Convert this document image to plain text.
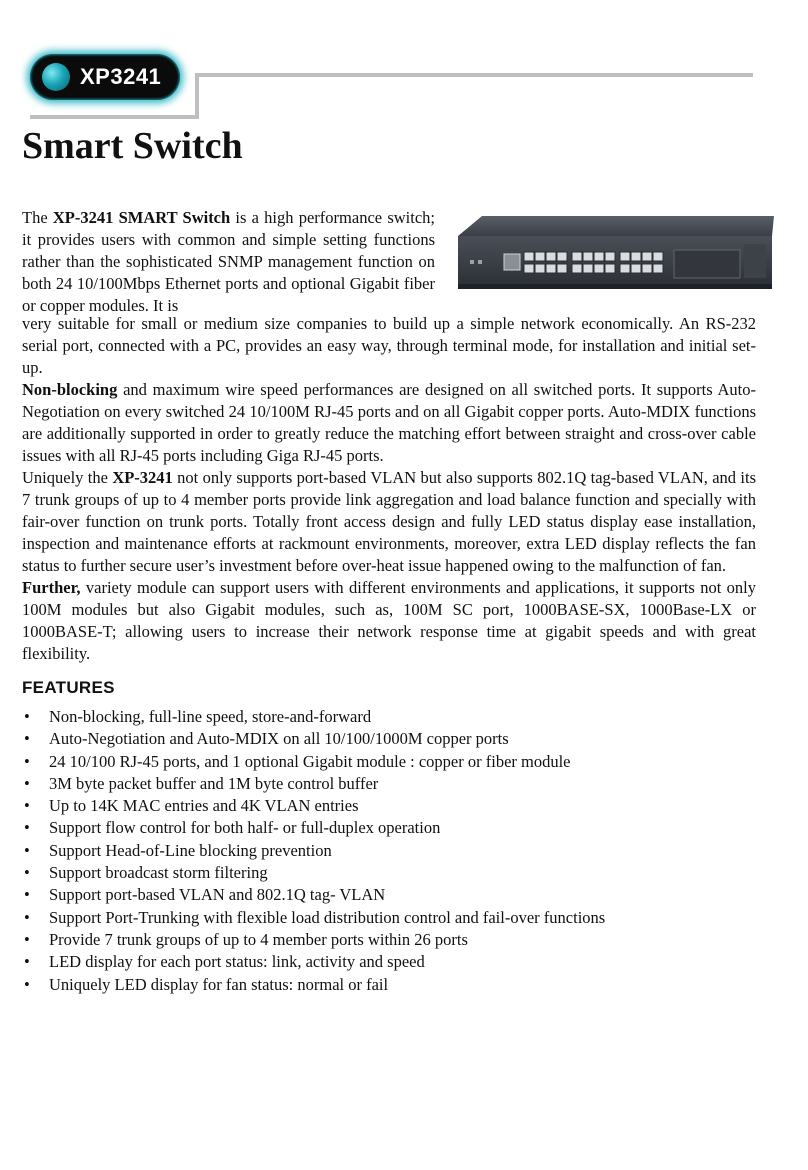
XP3241
Smart Switch

The XP-3241 SMART Switch is a high performance switch; it provides users with common and simple setting functions rather than the sophisticated SNMP management function on both 24 10/100Mbps Ethernet ports and optional Gigabit fiber or copper modules. It is

very suitable for small or medium size companies to build up a simple network economically. An RS-232 serial port, connected with a PC, provides an easy way, through terminal mode, for installation and initial set-up.

Non-blocking and maximum wire speed performances are designed on all switched ports. It supports Auto-Negotiation on every switched 24 10/100M RJ-45 ports and on all Gigabit copper ports. Auto-MDIX functions are additionally supported in order to greatly reduce the matching effort between straight and cross-over cable issues with all RJ-45 ports including Giga RJ-45 ports.

Uniquely the XP-3241 not only supports port-based VLAN but also supports 802.1Q tag-based VLAN, and its 7 trunk groups of up to 4 member ports provide link aggregation and load balance function and specially with fair-over function on trunk ports. Totally front access design and fully LED status display ease installation, inspection and maintenance efforts at rackmount environments, moreover, extra LED display reflects the fan status to further secure user’s investment before over-heat issue happened owing to the malfunction of fan.

Further, variety module can support users with different environments and applications, it supports not only 100M modules but also Gigabit modules, such as, 100M SC port, 1000BASE-SX, 1000Base-LX or 1000BASE-T; allowing users to increase their network response time at gigabit speeds and with great flexibility.

FEATURES
• Non-blocking, full-line speed, store-and-forward
• Auto-Negotiation and Auto-MDIX on all 10/100/1000M copper ports
• 24 10/100 RJ-45 ports, and 1 optional Gigabit module : copper or fiber module
• 3M byte packet buffer and 1M byte control buffer
• Up to 14K MAC entries and 4K VLAN entries
• Support flow control for both half- or full-duplex operation
• Support Head-of-Line blocking prevention
• Support broadcast storm filtering
• Support port-based VLAN and 802.1Q tag- VLAN
• Support Port-Trunking with flexible load distribution control and fail-over functions
• Provide 7 trunk groups of up to 4 member ports within 26 ports
• LED display for each port status: link, activity and speed
• Uniquely LED display for fan status: normal or fail
